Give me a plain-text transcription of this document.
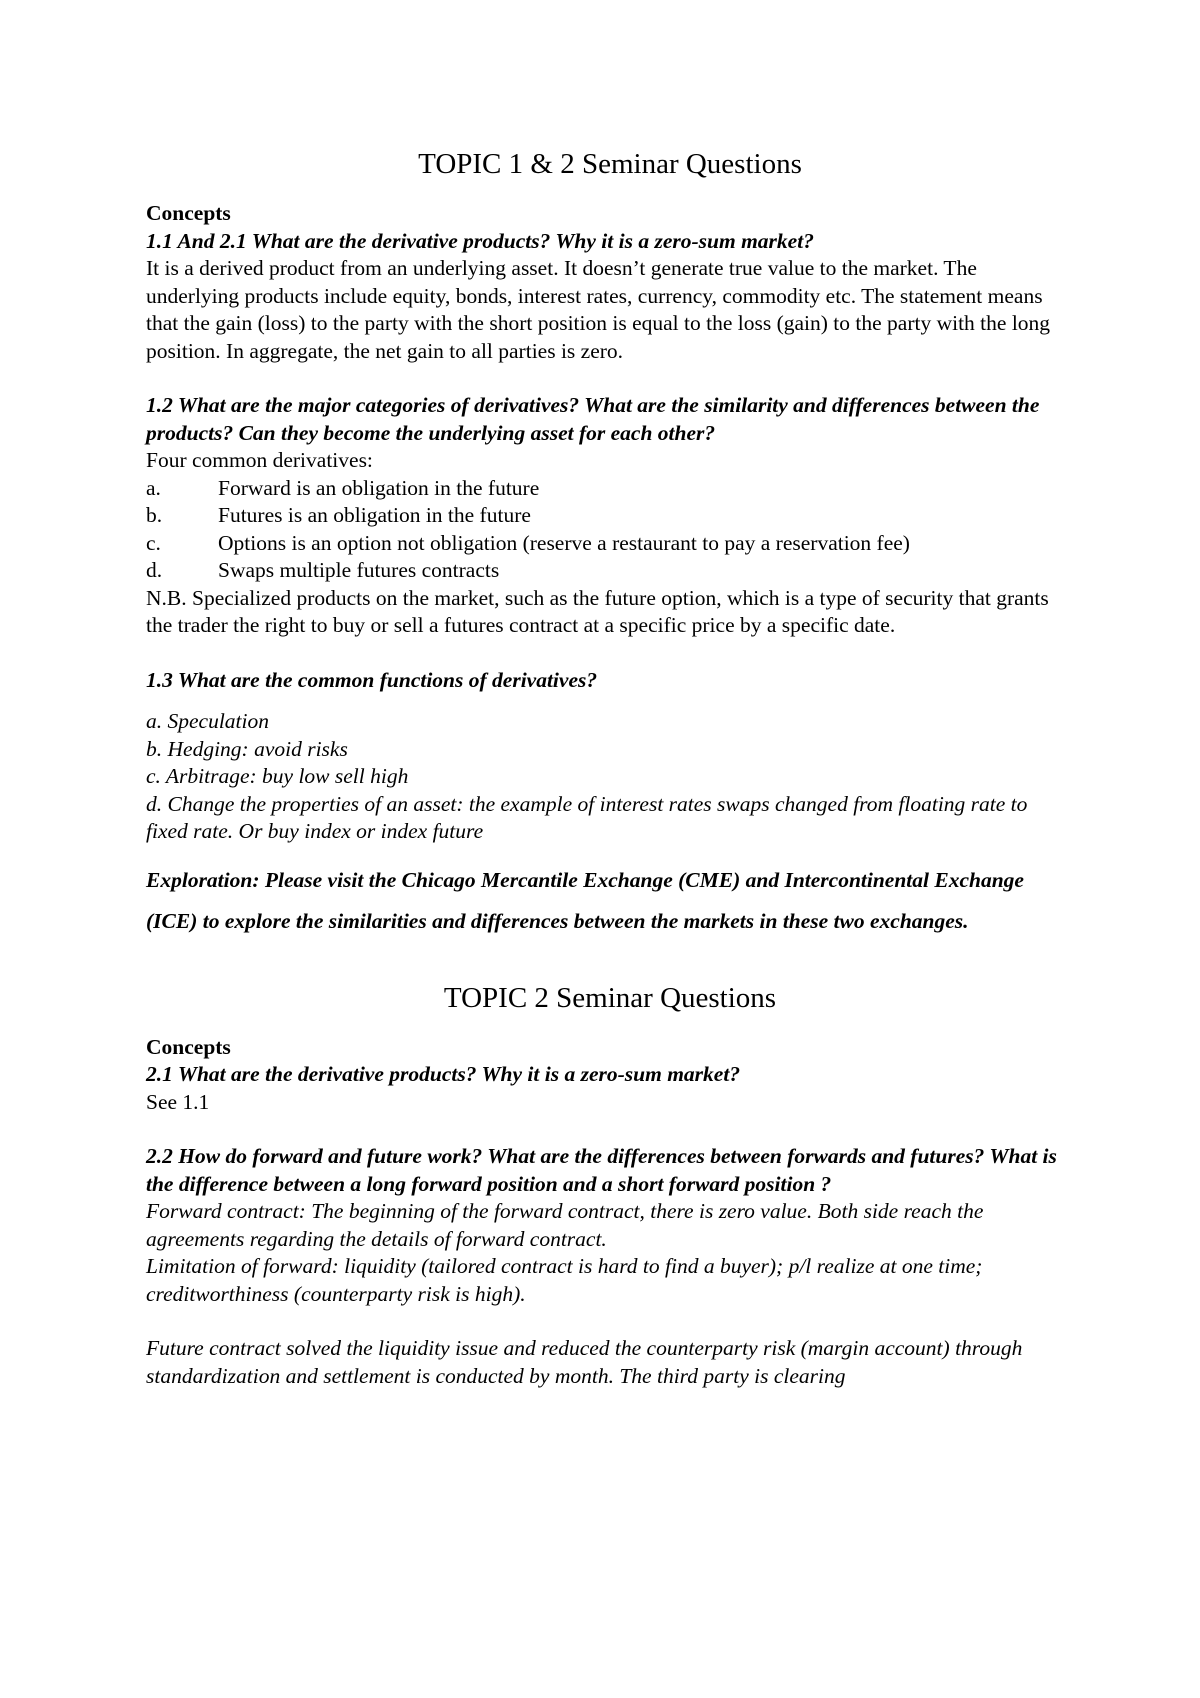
TOPIC 1 & 2 Seminar Questions

Concepts

1.1 And 2.1 What are the derivative products? Why it is a zero-sum market?

It is a derived product from an underlying asset. It doesn’t generate true value to the market. The underlying products include equity, bonds, interest rates, currency, commodity etc. The statement means that the gain (loss) to the party with the short position is equal to the loss (gain) to the party with the long position. In aggregate, the net gain to all parties is zero.

1.2 What are the major categories of derivatives? What are the similarity and differences between the products? Can they become the underlying asset for each other?

Four common derivatives:

a.	Forward is an obligation in the future
b.	Futures is an obligation in the future
c.	Options is an option not obligation (reserve a restaurant to pay a reservation fee)
d.	Swaps multiple futures contracts

N.B. Specialized products on the market, such as the future option, which is a type of security that grants the trader the right to buy or sell a futures contract at a specific price by a specific date.

1.3 What are the common functions of derivatives?

a. Speculation

b. Hedging: avoid risks

c. Arbitrage: buy low sell high

d. Change the properties of an asset: the example of interest rates swaps changed from floating rate to fixed rate. Or buy index or index future

Exploration: Please visit the Chicago Mercantile Exchange (CME) and Intercontinental Exchange (ICE) to explore the similarities and differences between the markets in these two exchanges.

TOPIC 2 Seminar Questions

Concepts

2.1 What are the derivative products? Why it is a zero-sum market?

See 1.1

2.2 How do forward and future work? What are the differences between forwards and futures? What is the difference between a long forward position and a short forward position ?

Forward contract: The beginning of the forward contract, there is zero value. Both side reach the agreements regarding the details of forward contract.

Limitation of forward: liquidity (tailored contract is hard to find a buyer); p/l realize at one time; creditworthiness (counterparty risk is high).

Future contract solved the liquidity issue and reduced the counterparty risk (margin account) through standardization and settlement is conducted by month. The third party is clearing
